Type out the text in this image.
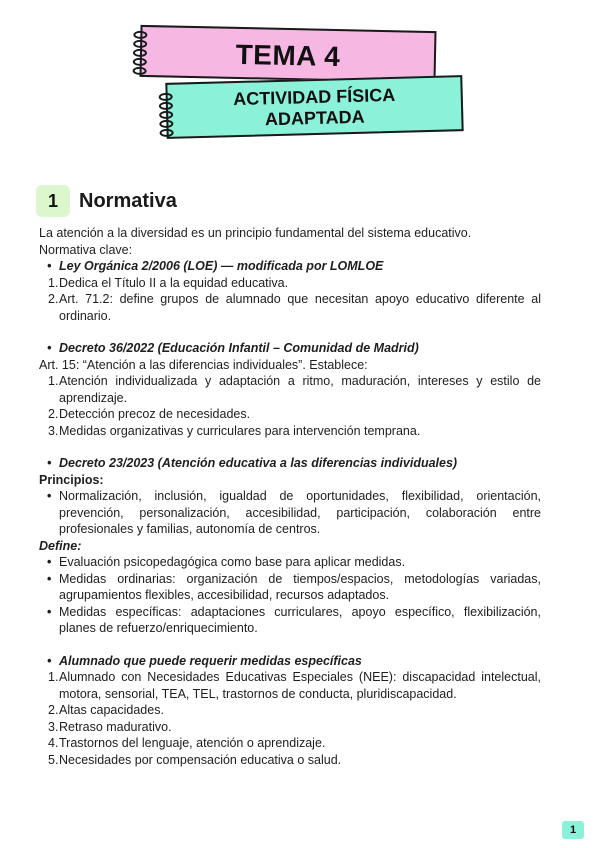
TEMA 4
ACTIVIDAD FÍSICA
ADAPTADA
1	Normativa

La atención a la diversidad es un principio fundamental del sistema educativo.

Normativa clave:

• Ley Orgánica 2/2006 (LOE) — modificada por LOMLOE
1. Dedica el Título II a la equidad educativa.
2. Art. 71.2: define grupos de alumnado que necesitan apoyo educativo diferente al ordinario.
• Decreto 36/2022 (Educación Infantil – Comunidad de Madrid)

Art. 15: “Atención a las diferencias individuales”. Establece:

1. Atención individualizada y adaptación a ritmo, maduración, intereses y estilo de aprendizaje.
2. Detección precoz de necesidades.
3. Medidas organizativas y curriculares para intervención temprana.
• Decreto 23/2023 (Atención educativa a las diferencias individuales)

Principios:

• Normalización, inclusión, igualdad de oportunidades, flexibilidad, orientación, prevención, personalización, accesibilidad, participación, colaboración entre profesionales y familias, autonomía de centros.

Define:

• Evaluación psicopedagógica como base para aplicar medidas.
• Medidas ordinarias: organización de tiempos/espacios, metodologías variadas, agrupamientos flexibles, accesibilidad, recursos adaptados.
• Medidas específicas: adaptaciones curriculares, apoyo específico, flexibilización, planes de refuerzo/enriquecimiento.
• Alumnado que puede requerir medidas específicas
1. Alumnado con Necesidades Educativas Especiales (NEE): discapacidad intelectual, motora, sensorial, TEA, TEL, trastornos de conducta, pluridiscapacidad.
2. Altas capacidades.
3. Retraso madurativo.
4. Trastornos del lenguaje, atención o aprendizaje.
5. Necesidades por compensación educativa o salud.
1
